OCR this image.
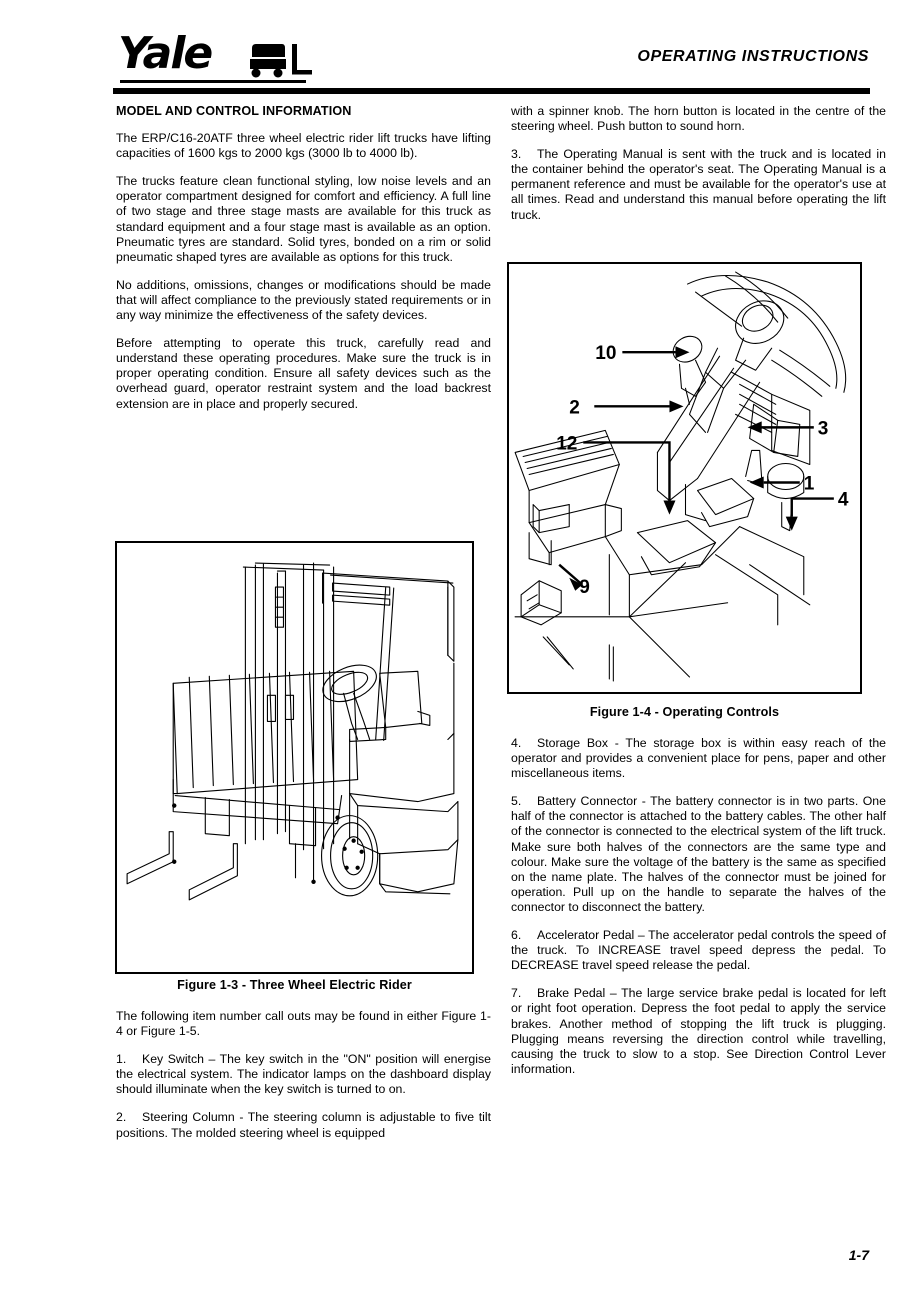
Yale	OPERATING INSTRUCTIONS
MODEL AND CONTROL INFORMATION

The ERP/C16-20ATF three wheel electric rider lift trucks have lifting capacities of 1600 kgs to 2000 kgs (3000 lb to 4000 lb).

The trucks feature clean functional styling, low noise levels and an operator compartment designed for comfort and efficiency. A full line of two stage and three stage masts are available for this truck as standard equipment and a four stage mast is available as an option. Pneumatic tyres are standard. Solid tyres, bonded on a rim or solid pneumatic shaped tyres are available as options for this truck.

No additions, omissions, changes or modifications should be made that will affect compliance to the previously stated requirements or in any way minimize the effectiveness of the safety devices.

Before attempting to operate this truck, carefully read and understand these operating procedures. Make sure the truck is in proper operating condition. Ensure all safety devices such as the overhead guard, operator restraint system and the load backrest extension are in place and properly secured.

Figure 1-3 - Three Wheel Electric Rider

The following item number call outs may be found in either Figure 1-4 or Figure 1-5.

1. Key Switch – The key switch in the "ON" position will energise the electrical system. The indicator lamps on the dashboard display should illuminate when the key switch is turned to on.

2. Steering Column - The steering column is adjustable to five tilt positions. The molded steering wheel is equipped

with a spinner knob. The horn button is located in the centre of the steering wheel. Push button to sound horn.

3. The Operating Manual is sent with the truck and is located in the container behind the operator's seat. The Operating Manual is a permanent reference and must be available for the operator's use at all times. Read and understand this manual before operating the lift truck.

10
2
12
3
1
4
9
Figure 1-4 - Operating Controls

4. Storage Box - The storage box is within easy reach of the operator and provides a convenient place for pens, paper and other miscellaneous items.

5. Battery Connector - The battery connector is in two parts. One half of the connector is attached to the battery cables. The other half of the connector is connected to the electrical system of the lift truck. Make sure both halves of the connectors are the same type and colour. Make sure the voltage of the battery is the same as specified on the name plate. The halves of the connector must be joined for operation. Pull up on the handle to separate the halves of the connector to disconnect the battery.

6. Accelerator Pedal – The accelerator pedal controls the speed of the truck. To INCREASE travel speed depress the pedal. To DECREASE travel speed release the pedal.

7. Brake Pedal – The large service brake pedal is located for left or right foot operation. Depress the foot pedal to apply the service brakes. Another method of stopping the lift truck is plugging. Plugging means reversing the direction control while travelling, causing the truck to slow to a stop. See Direction Control Lever information.

1-7
